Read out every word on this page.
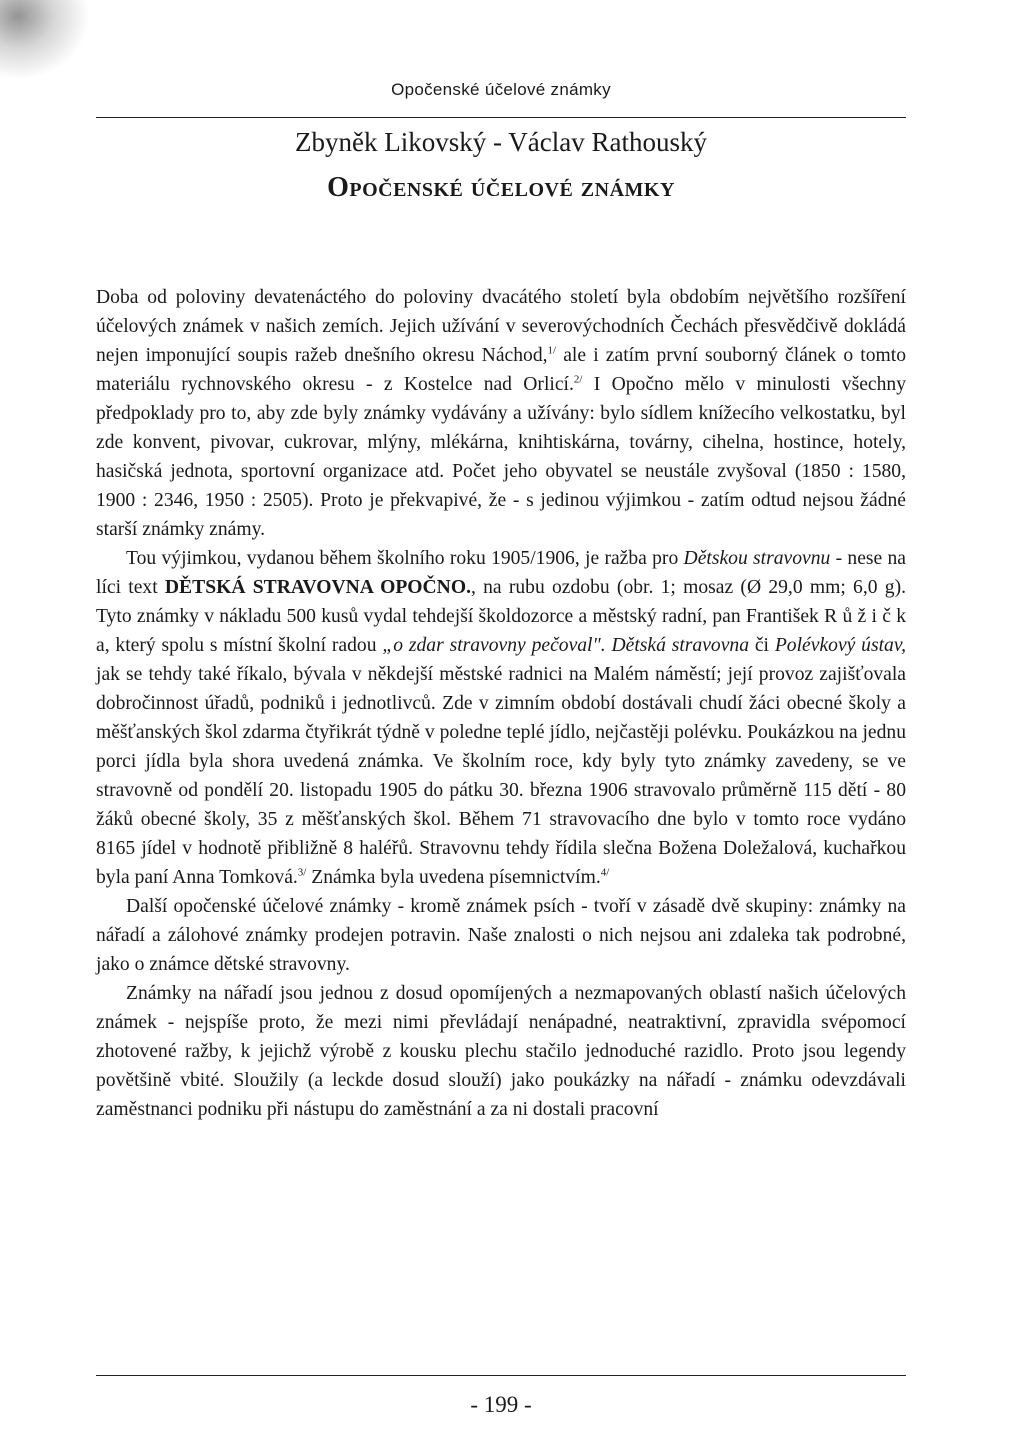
Opočenské účelové známky
Zbyněk Likovský - Václav Rathouský
Opočenské účelové známky

Doba od poloviny devatenáctého do poloviny dvacátého století byla obdobím největšího rozšíření účelových známek v našich zemích. Jejich užívání v severovýchodních Čechách přesvědčivě dokládá nejen imponující soupis ražeb dnešního okresu Náchod,$^{1/}$ ale i zatím první souborný článek o tomto materiálu rychnovského okresu - z Kostelce nad Orlicí.$^{2/}$ I Opočno mělo v minulosti všechny předpoklady pro to, aby zde byly známky vydávány a užívány: bylo sídlem knížecího velkostatku, byl zde konvent, pivovar, cukrovar, mlýny, mlékárna, knihtiskárna, továrny, cihelna, hostince, hotely, hasičská jednota, sportovní organizace atd. Počet jeho obyvatel se neustále zvyšoval (1850 : 1580, 1900 : 2346, 1950 : 2505). Proto je překvapivé, že - s jedinou výjimkou - zatím odtud nejsou žádné starší známky známy.

Tou výjimkou, vydanou během školního roku 1905/1906, je ražba pro Dětskou stravovnu - nese na líci text DĚTSKÁ STRAVOVNA OPOČNO., na rubu ozdobu (obr. 1; mosaz (Ø 29,0 mm; 6,0 g). Tyto známky v nákladu 500 kusů vydal tehdejší školdozorce a městský radní, pan František R ů ž i č k a, který spolu s místní školní radou „o zdar stravovny pečoval". Dětská stravovna či Polévkový ústav, jak se tehdy také říkalo, bývala v někdejší městské radnici na Malém náměstí; její provoz zajišťovala dobročinnost úřadů, podniků i jednotlivců. Zde v zimním období dostávali chudí žáci obecné školy a měšťanských škol zdarma čtyřikrát týdně v poledne teplé jídlo, nejčastěji polévku. Poukázkou na jednu porci jídla byla shora uvedená známka. Ve školním roce, kdy byly tyto známky zavedeny, se ve stravovně od pondělí 20. listopadu 1905 do pátku 30. března 1906 stravovalo průměrně 115 dětí - 80 žáků obecné školy, 35 z měšťanských škol. Během 71 stravovacího dne bylo v tomto roce vydáno 8165 jídel v hodnotě přibližně 8 haléřů. Stravovnu tehdy řídila slečna Božena Doležalová, kuchařkou byla paní Anna Tomková.$^{3/}$ Známka byla uvedena písemnictvím.$^{4/}$

Další opočenské účelové známky - kromě známek psích - tvoří v zásadě dvě skupiny: známky na nářadí a zálohové známky prodejen potravin. Naše znalosti o nich nejsou ani zdaleka tak podrobné, jako o známce dětské stravovny.

Známky na nářadí jsou jednou z dosud opomíjených a nezmapovaných oblastí našich účelových známek - nejspíše proto, že mezi nimi převládají nenápadné, neatraktivní, zpravidla svépomocí zhotovené ražby, k jejichž výrobě z kousku plechu stačilo jednoduché razidlo. Proto jsou legendy povětšině vbité. Sloužily (a leckde dosud slouží) jako poukázky na nářadí - známku odevzdávali zaměstnanci podniku při nástupu do zaměstnání a za ni dostali pracovní

- 199 -
